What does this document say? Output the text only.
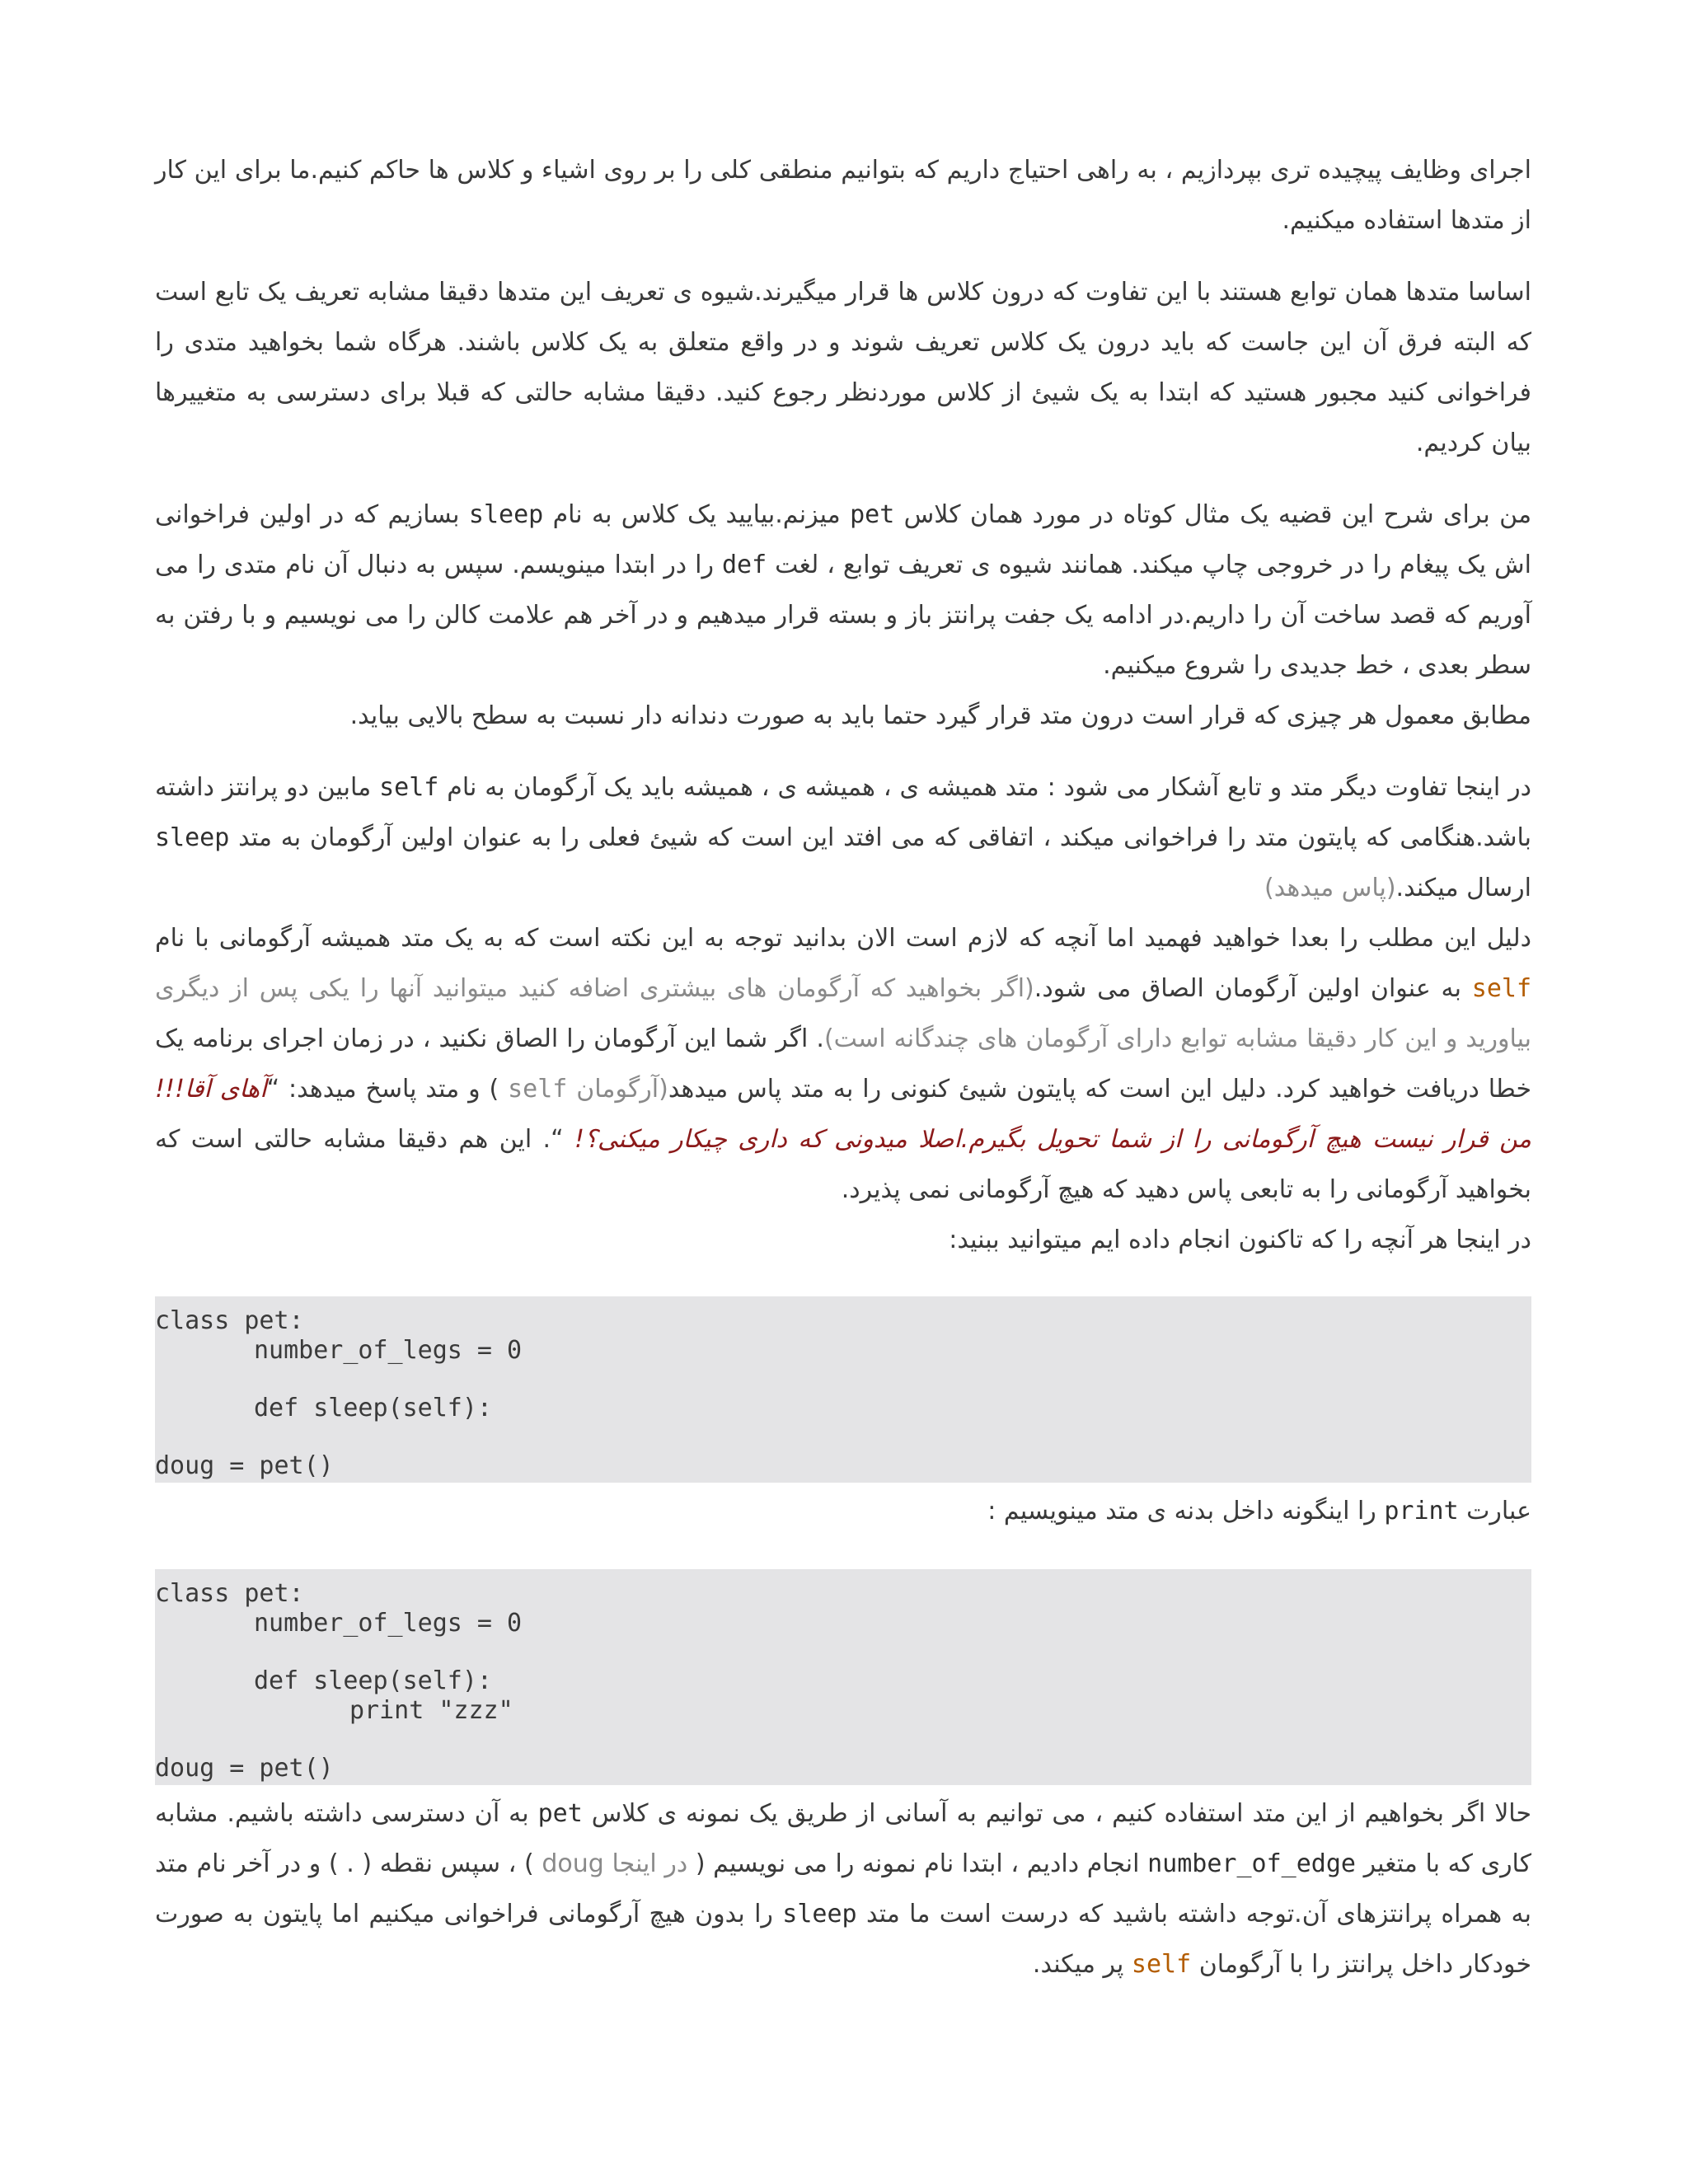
اجرای وظایف پیچیده تری بپردازیم ، به راهی احتیاج داریم که بتوانیم منطقی کلی را بر روی اشیاء و کلاس ها حاکم کنیم.ما برای این کار از متدها استفاده میکنیم.

اساسا متدها همان توابع هستند با این تفاوت که درون کلاس ها قرار میگیرند.شیوه ی تعریف این متدها دقیقا مشابه تعریف یک تابع است که البته فرق آن این جاست که باید درون یک کلاس تعریف شوند و در واقع متعلق به یک کلاس باشند. هرگاه شما بخواهید متدی را فراخوانی کنید مجبور هستید که ابتدا به یک شیئ از کلاس موردنظر رجوع کنید. دقیقا مشابه حالتی که قبلا برای دسترسی به متغییرها بیان کردیم.

من برای شرح این قضیه یک مثال کوتاه در مورد همان کلاس pet میزنم.بیایید یک کلاس به نام sleep بسازیم که در اولین فراخوانی اش یک پیغام را در خروجی چاپ میکند. همانند شیوه ی تعریف توابع ، لغت def را در ابتدا مینویسم. سپس به دنبال آن نام متدی را می آوریم که قصد ساخت آن را داریم.در ادامه یک جفت پرانتز باز و بسته قرار میدهیم و در آخر هم علامت کالن را می نویسیم و با رفتن به سطر بعدی ، خط جدیدی را شروع میکنیم.

مطابق معمول هر چیزی که قرار است درون متد قرار گیرد حتما باید به صورت دندانه دار نسبت به سطح بالایی بیاید.

در اینجا تفاوت دیگر متد و تابع آشکار می شود : متد همیشه ی ، همیشه ی ، همیشه باید یک آرگومان به نام self مابین دو پرانتز داشته باشد.هنگامی که پایتون متد را فراخوانی میکند ، اتفاقی که می افتد این است که شیئ فعلی را به عنوان اولین آرگومان به متد sleep ارسال میکند.(پاس میدهد)

دلیل این مطلب را بعدا خواهید فهمید اما آنچه که لازم است الان بدانید توجه به این نکته است که به یک متد همیشه آرگومانی با نام self به عنوان اولین آرگومان الصاق می شود.(اگر بخواهید که آرگومان های بیشتری اضافه کنید میتوانید آنها را یکی پس از دیگری بیاورید و این کار دقیقا مشابه توابع دارای آرگومان های چندگانه است). اگر شما این آرگومان را الصاق نکنید ، در زمان اجرای برنامه یک خطا دریافت خواهید کرد. دلیل این است که پایتون شیئ کنونی را به متد پاس میدهد(آرگومان self ) و متد پاسخ میدهد: “آهای آقا!!! من قرار نیست هیچ آرگومانی را از شما تحویل بگیرم.اصلا میدونی که داری چیکار میکنی؟! “. این هم دقیقا مشابه حالتی است که بخواهید آرگومانی را به تابعی پاس دهید که هیچ آرگومانی نمی پذیرد.

در اینجا هر آنچه را که تاکنون انجام داده ایم میتوانید ببنید:

class pet:
number_of_legs = 0
def sleep(self):
doug = pet()

عبارت print را اینگونه داخل بدنه ی متد مینویسیم :

class pet:
number_of_legs = 0
def sleep(self):
print "zzz"
doug = pet()

حالا اگر بخواهیم از این متد استفاده کنیم ، می توانیم به آسانی از طریق یک نمونه ی کلاس pet به آن دسترسی داشته باشیم. مشابه کاری که با متغیر number_of_edge انجام دادیم ، ابتدا نام نمونه را می نویسیم ( در اینجا doug ) ، سپس نقطه ( . ) و در آخر نام متد به همراه پرانتزهای آن.توجه داشته باشید که درست است ما متد sleep را بدون هیچ آرگومانی فراخوانی میکنیم اما پایتون به صورت خودکار داخل پرانتز را با آرگومان self پر میکند.
